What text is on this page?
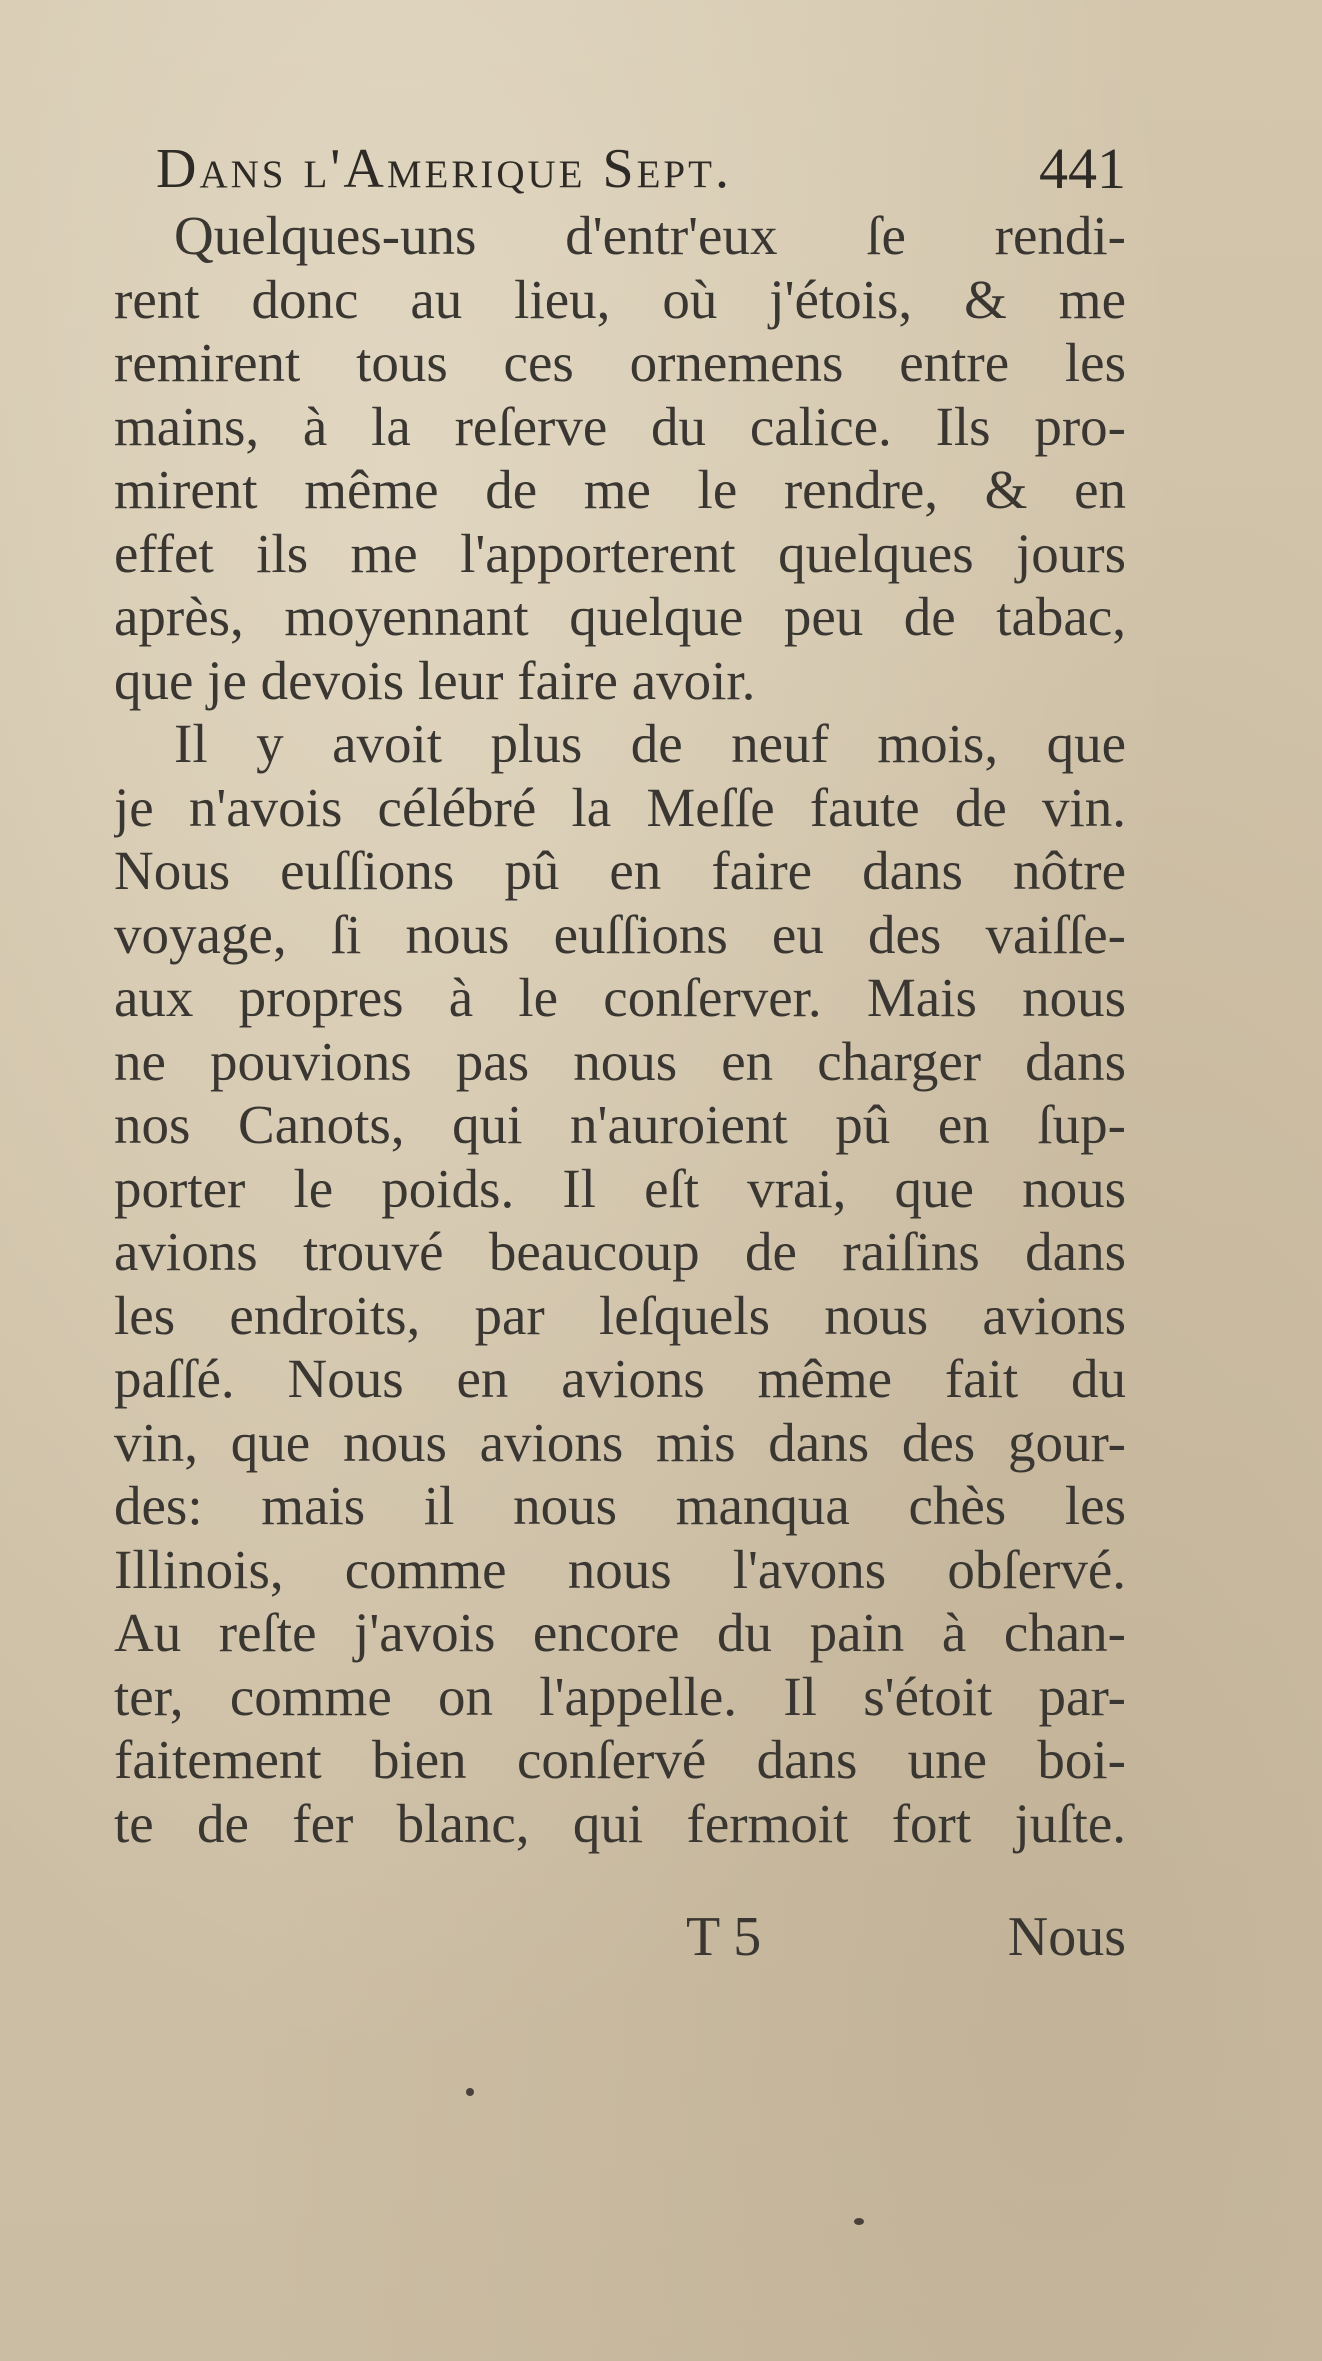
Dans l'Amerique Sept.	441
Quelques-uns d'entr'eux ſe rendi-
rent donc au lieu, où j'étois, & me
remirent tous ces ornemens entre les
mains, à la reſerve du calice. Ils pro-
mirent même de me le rendre, & en
effet ils me l'apporterent quelques jours
après, moyennant quelque peu de tabac,
que je devois leur faire avoir.
Il y avoit plus de neuf mois, que
je n'avois célébré la Meſſe faute de vin.
Nous euſſions pû en faire dans nôtre
voyage, ſi nous euſſions eu des vaiſſe-
aux propres à le conſerver. Mais nous
ne pouvions pas nous en charger dans
nos Canots, qui n'auroient pû en ſup-
porter le poids. Il eſt vrai, que nous
avions trouvé beaucoup de raiſins dans
les endroits, par leſquels nous avions
paſſé. Nous en avions même fait du
vin, que nous avions mis dans des gour-
des: mais il nous manqua chès les
Illinois, comme nous l'avons obſervé.
Au reſte j'avois encore du pain à chan-
ter, comme on l'appelle. Il s'étoit par-
faitement bien conſervé dans une boi-
te de fer blanc, qui fermoit fort juſte.
T 5	Nous
